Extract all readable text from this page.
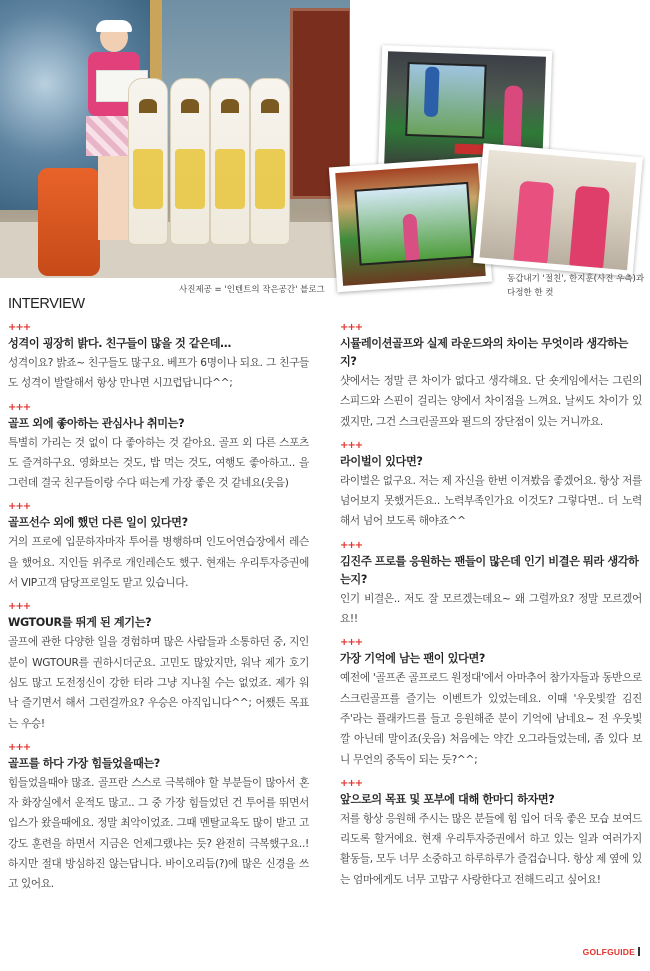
사진제공 = '인텐트의 작은공간' 블로그
동갑내기 '절친', 한지훈(사진 우측)과 다정한 한 컷
INTERVIEW
+++
성격이 굉장히 밝다. 친구들이 많을 것 같은데…
성격이요? 밝죠~ 친구들도 많구요. 베프가 6명이나 되요. 그 친구들도 성격이 발랄해서 항상 만나면 시끄럽답니다^^;
+++
골프 외에 좋아하는 관심사나 취미는?
특별히 가리는 것 없이 다 좋아하는 것 같아요. 골프 외 다른 스포츠도 즐겨하구요. 영화보는 것도, 밥 먹는 것도, 여행도 좋아하고.. 을 그런데 결국 친구들이랑 수다 떠는게 가장 좋은 것 같네요(웃음)
+++
골프선수 외에 했던 다른 일이 있다면?
거의 프로에 입문하자마자 투어를 병행하며 인도어연습장에서 레슨을 했어요. 지인들 위주로 개인레슨도 했구. 현재는 우리투자증권에서 VIP고객 담당프로일도 맡고 있습니다.
+++
WGTOUR를 뛰게 된 계기는?
골프에 관한 다양한 일을 경험하며 많은 사람들과 소통하던 중, 지인분이 WGTOUR를 권하시더군요. 고민도 많았지만, 워낙 제가 호기심도 많고 도전정신이 강한 터라 그냥 지나칠 수는 없었죠. 제가 워낙 즐기면서 해서 그런걸까요? 우승은 아직입니다^^; 어쨌든 목표는 우승!
+++
골프를 하다 가장 힘들었을때는?
힘들었을때야 많죠. 골프란 스스로 극복해야 할 부분들이 많아서 혼자 화장실에서 운적도 많고.. 그 중 가장 힘들었던 건 투어를 뛰면서 입스가 왔을때에요. 정말 최악이었죠. 그때 멘탈교육도 많이 받고 고강도 훈련을 하면서 지금은 언제그랬냐는 듯? 완전히 극복했구요..! 하지만 절대 방심하진 않는답니다. 바이오리듬(?)에 많은 신경을 쓰고 있어요.
+++
시뮬레이션골프와 실제 라운드와의 차이는 무엇이라 생각하는지?
샷에서는 정말 큰 차이가 없다고 생각해요. 단 숏게임에서는 그린의 스피드와 스핀이 걸리는 양에서 차이점을 느껴요. 날씨도 차이가 있겠지만, 그건 스크린골프와 필드의 장단점이 있는 거니까요.
+++
라이벌이 있다면?
라이벌은 없구요. 저는 제 자신을 한번 이겨봤음 좋겠어요. 항상 저를 넘어보지 못했거든요.. 노력부족인가요 이것도? 그렇다면.. 더 노력해서 넘어 보도록 해야죠^^
+++
김진주 프로를 응원하는 팬들이 많은데 인기 비결은 뭐라 생각하는지?
인기 비결은.. 저도 잘 모르겠는데요~ 왜 그럴까요? 정말 모르겠어요!!
+++
가장 기억에 남는 팬이 있다면?
예전에 '골프존 골프로드 원정대'에서 아마추어 참가자들과 동반으로 스크린골프를 즐기는 이벤트가 있었는데요. 이때 '우웃빛깔 김진주'라는 플래카드를 들고 응원해준 분이 기억에 남네요~ 전 우웃빛깔 아닌데 말이죠(웃음) 처음에는 약간 오그라들었는데, 좀 있다 보니 무언의 중독이 되는 듯?^^;
+++
앞으로의 목표 및 포부에 대해 한마디 하자면?
저를 항상 응원해 주시는 많은 분들에 힘 입어 더욱 좋은 모습 보여드리도록 할거에요. 현재 우리투자증권에서 하고 있는 일과 여러가지 활동들, 모두 너무 소중하고 하루하루가 즐겁습니다. 항상 제 옆에 있는 엄마에게도 너무 고맙구 사랑한다고 전해드리고 싶어요!
GOLFGUIDE
